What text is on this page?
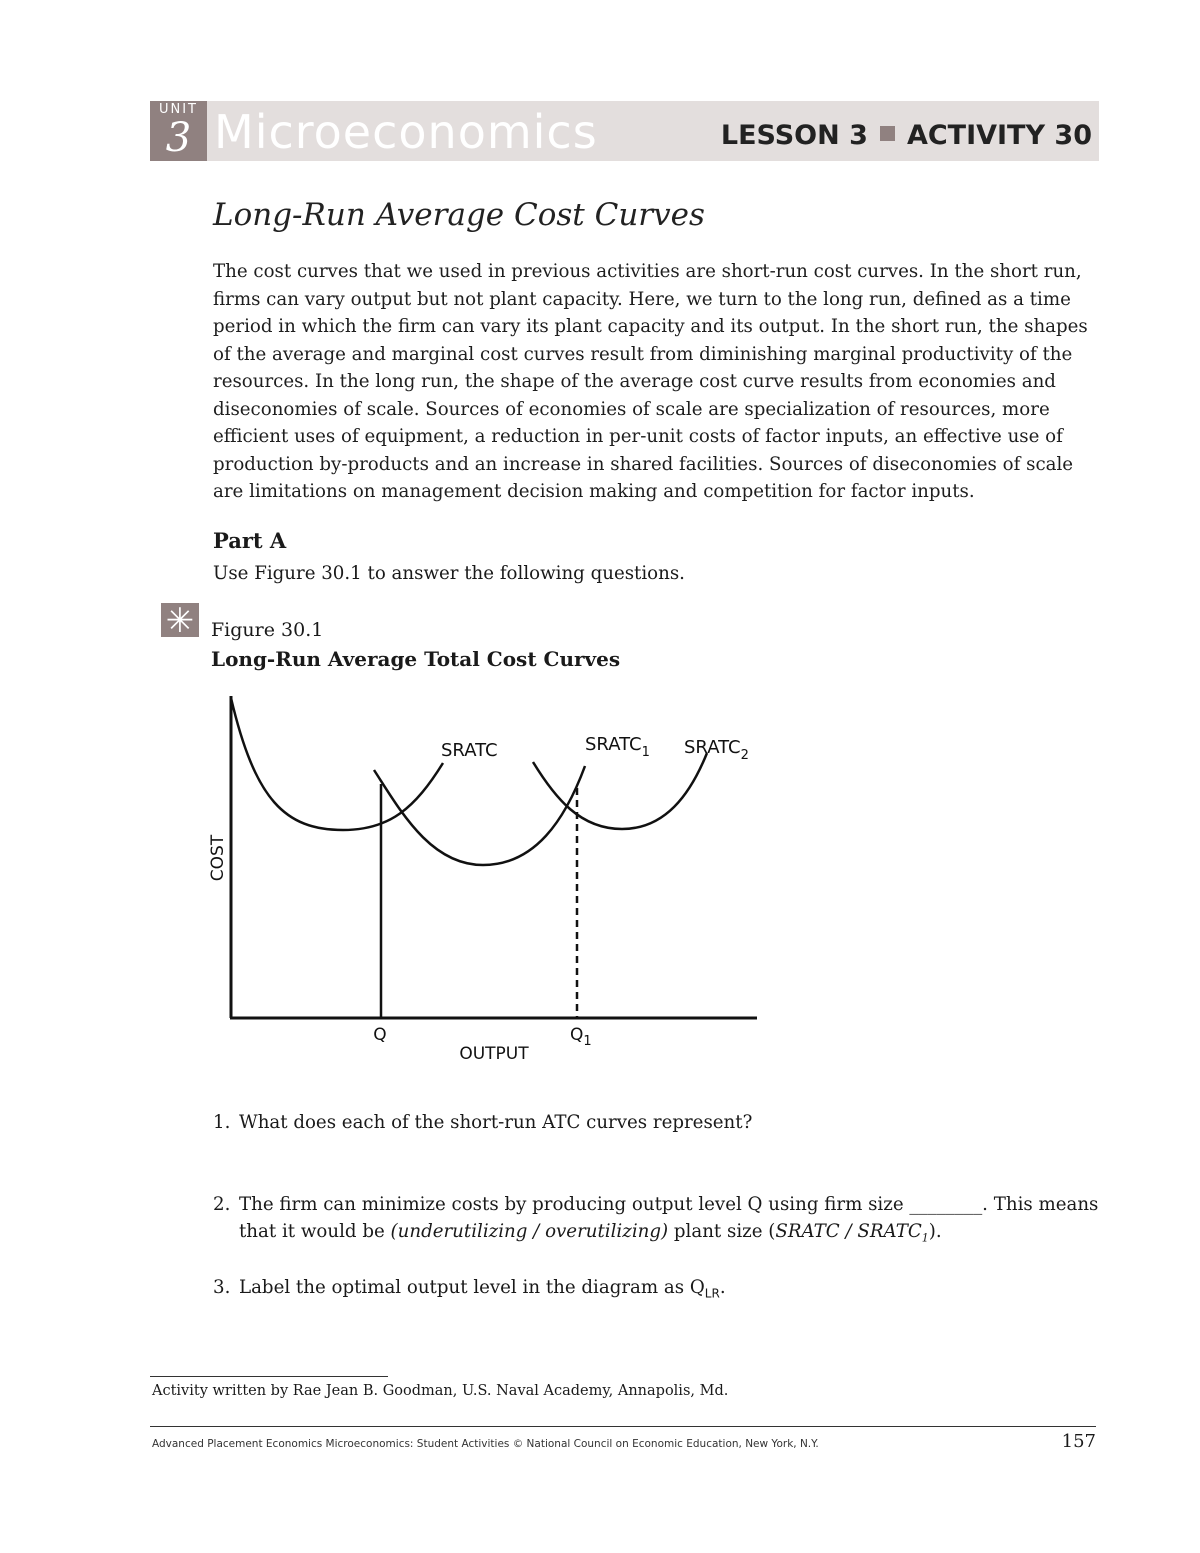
UNIT
3 Microeconomics	LESSON 3 ACTIVITY 30
Long-Run Average Cost Curves
The cost curves that we used in previous activities are short-run cost curves. In the short run, firms can vary output but not plant capacity. Here, we turn to the long run, defined as a time period in which the firm can vary its plant capacity and its output. In the short run, the shapes of the average and marginal cost curves result from diminishing marginal productivity of the resources. In the long run, the shape of the average cost curve results from economies and diseconomies of scale. Sources of economies of scale are specialization of resources, more efficient uses of equipment, a reduction in per-unit costs of factor inputs, an effective use of production by-products and an increase in shared facilities. Sources of diseconomies of scale are limitations on management decision making and competition for factor inputs.
Part A
Use Figure 30.1 to answer the following questions.
✳ Figure 30.1
Long-Run Average Total Cost Curves
SRATC	$SRATC_1$ $SRATC_2$
COST
Q	$Q_1$
OUTPUT
1. What does each of the short-run ATC curves represent?
2. The firm can minimize costs by producing output level Q using firm size ________. This means
that it would be (underutilizing / overutilizing) plant size (SRATC / $SRATC_1$).
3. Label the optimal output level in the diagram as $Q_{LR}$.
Activity written by Rae Jean B. Goodman, U.S. Naval Academy, Annapolis, Md.
Advanced Placement Economics Microeconomics: Student Activities © National Council on Economic Education, New York, N.Y.	157
